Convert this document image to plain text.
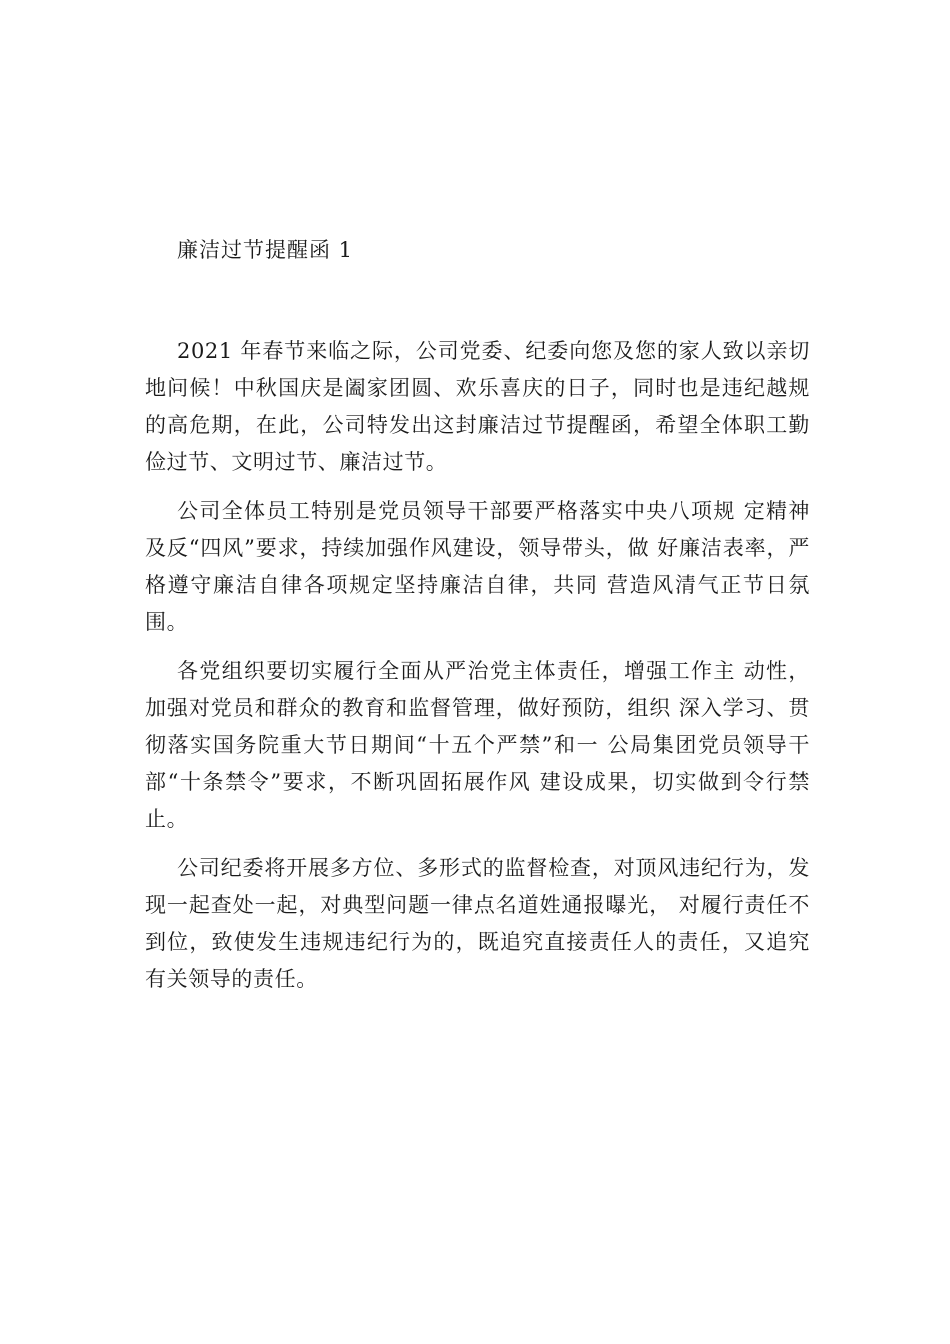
廉洁过节提醒函 1

2021 年春节来临之际，公司党委、纪委向您及您的家人致以亲切地问候！中秋国庆是阖家团圆、欢乐喜庆的日子，同时也是违纪越规的高危期，在此，公司特发出这封廉洁过节提醒函，希望全体职工勤俭过节、文明过节、廉洁过节。

公司全体员工特别是党员领导干部要严格落实中央八项规 定精神及反“四风”要求，持续加强作风建设，领导带头，做 好廉洁表率，严格遵守廉洁自律各项规定坚持廉洁自律，共同 营造风清气正节日氛围。

各党组织要切实履行全面从严治党主体责任，增强工作主 动性，加强对党员和群众的教育和监督管理，做好预防，组织 深入学习、贯彻落实国务院重大节日期间“十五个严禁”和一 公局集团党员领导干部“十条禁令”要求，不断巩固拓展作风 建设成果，切实做到令行禁止。

公司纪委将开展多方位、多形式的监督检查，对顶风违纪行为，发现一起查处一起，对典型问题一律点名道姓通报曝光， 对履行责任不到位，致使发生违规违纪行为的，既追究直接责任人的责任，又追究有关领导的责任。
